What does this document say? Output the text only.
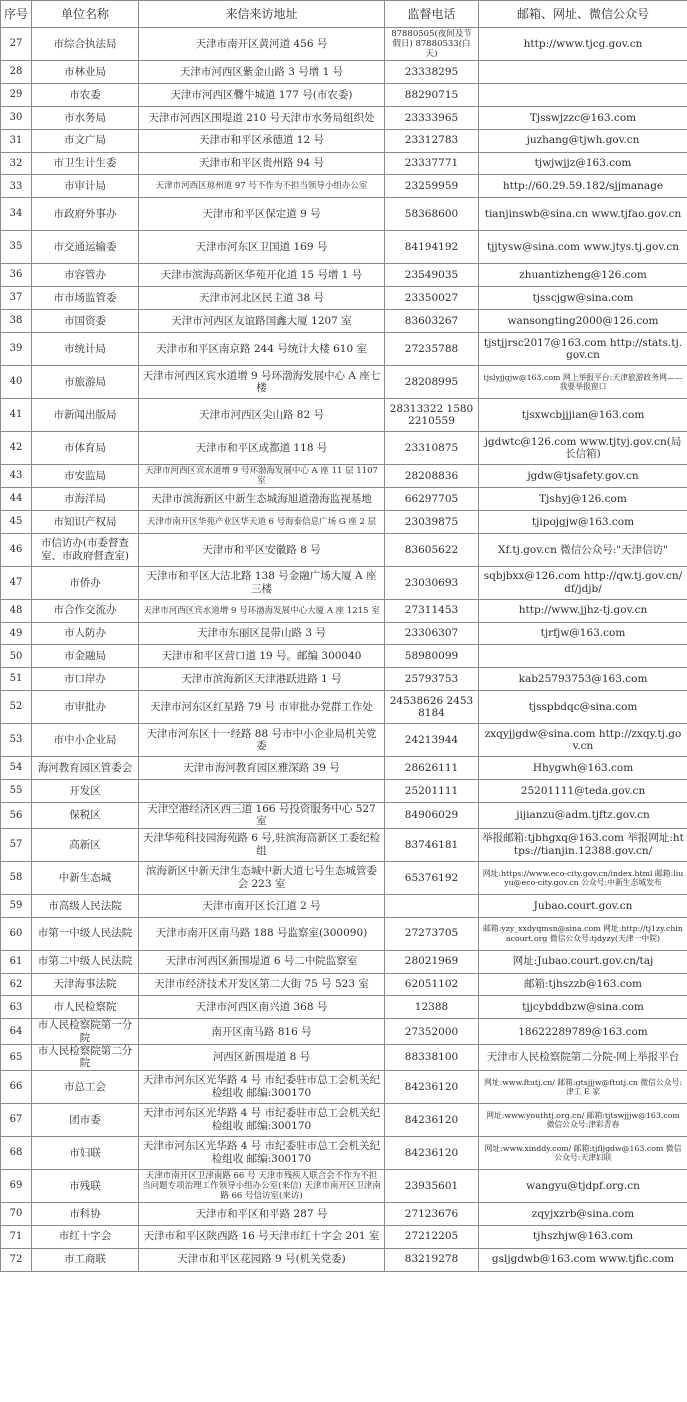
序号	单位名称	来信来访地址	监督电话	邮箱、网址、微信公众号
27	市综合执法局	天津市南开区黄河道 456 号	87880505(夜间及节假日) 87880533(白天)	http://www.tjcg.gov.cn
28	市林业局	天津市河西区紫金山路 3 号增 1 号	23338295	
29	市农委	天津市河西区爨牛城道 177 号(市农委)	88290715	
30	市水务局	天津市河西区围堤道 210 号天津市水务局组织处	23333965	Tjsswjzzc@163.com
31	市文广局	天津市和平区承德道 12 号	23312783	juzhang@tjwh.gov.cn
32	市卫生计生委	天津市和平区贵州路 94 号	23337771	tjwjwjjz@163.com
33	市审计局	天津市河西区琼州道 97 号不作为不担当领导小组办公室	23259959	http://60.29.59.182/sjjmanage
34	市政府外事办	天津市和平区保定道 9 号	58368600	tianjinswb@sina.cn www.tjfao.gov.cn
35	市交通运输委	天津市河东区卫国道 169 号	84194192	tjjtysw@sina.com www.jtys.tj.gov.cn
36	市容管办	天津市滨海高新区华苑开化道 15 号增 1 号	23549035	zhuantizheng@126.com
37	市市场监管委	天津市河北区民主道 38 号	23350027	tjsscjgw@sina.com
38	市国资委	天津市河西区友谊路国鑫大厦 1207 室	83603267	wansongting2000@126.com
39	市统计局	天津市和平区南京路 244 号统计大楼 610 室	27235788	tjstjjrsc2017@163.com http://stats.tj.gov.cn
40	市旅游局	天津市河西区宾水道增 9 号环渤海发展中心 A 座七楼	28208995	tjslyjjgjw@163.com 网上举报平台:天津旅游政务网——我要举报窗口
41	市新闻出版局	天津市河西区尖山路 82 号	28313322 15802210559	tjsxwcbjjjian@163.com
42	市体育局	天津市和平区成都道 118 号	23310875	jgdwtc@126.com www.tjtyj.gov.cn(局长信箱)
43	市安监局	天津市河西区宾水道增 9 号环渤海发展中心 A 座 11 层 1107 室	28208836	jgdw@tjsafety.gov.cn
44	市海洋局	天津市滨海新区中新生态城海旭道渤海监视基地	66297705	Tjshyj@126.com
45	市知识产权局	天津市南开区华苑产业区华天道 6 号海泰信息广场 G 座 2 层	23039875	tjipojgjw@163.com
46	市信访办(市委督查室、市政府督查室)	天津市和平区安徽路 8 号	83605622	Xf.tj.gov.cn 微信公众号:"天津信访"
47	市侨办	天津市和平区大沽北路 138 号金融广场大厦 A 座三楼	23030693	sqbjbxx@126.com http://qw.tj.gov.cn/df/jdjb/
48	市合作交流办	天津市河西区宾水道增 9 号环渤海发展中心大厦 A 座 1215 室	27311453	http://www.jjhz-tj.gov.cn
49	市人防办	天津市东丽区昆带山路 3 号	23306307	tjrfjw@163.com
50	市金融局	天津市和平区营口道 19 号。邮编 300040	58980099	
51	市口岸办	天津市滨海新区天津港跃进路 1 号	25793753	kab25793753@163.com
52	市审批办	天津市河东区红星路 79 号 市审批办党群工作处	24538626 24538184	tjsspbdqc@sina.com
53	市中小企业局	天津市河东区十一经路 88 号市中小企业局机关党委	24213944	zxqyjjgdw@sina.com http://zxqy.tj.gov.cn
54	海河教育园区管委会	天津市海河教育园区雅深路 39 号	28626111	Hhygwh@163.com
55	开发区		25201111	25201111@teda.gov.cn
56	保税区	天津空港经济区西三道 166 号投资服务中心 527 室	84906029	jijianzu@adm.tjftz.gov.cn
57	高新区	天津华苑科技园海苑路 6 号,驻滨海高新区工委纪检组	83746181	举报邮箱:tjbhgxq@163.com 举报网址:https://tianjin.12388.gov.cn/
58	中新生态城	滨海新区中新天津生态城中新大道七号生态城管委会 223 室	65376192	网址:https://www.eco-city.gov.cn/index.html 邮箱:liuyu@eco-city.gov.cn 公众号:中新生态城发布
59	市高级人民法院	天津市南开区长江道 2 号		Jubao.court.gov.cn
60	市第一中级人民法院	天津市南开区南马路 188 号监察室(300090)	27273705	邮箱:yzy_xxdyqmsn@sina.com 网址:http://tj1zy.chinacourt.org 微信公众号:tjdyzy(天津一中院)
61	市第二中级人民法院	天津市河西区新围堤道 6 号二中院监察室	28021969	网址:Jubao.court.gov.cn/taj
62	天津海事法院	天津市经济技术开发区第二大街 75 号 523 室	62051102	邮箱:tjhszzb@163.com
63	市人民检察院	天津市河西区南兴道 368 号	12388	tjjcybddbzw@sina.com
64	市人民检察院第一分院	南开区南马路 816 号	27352000	18622289789@163.com
65	市人民检察院第二分院	河西区新围堤道 8 号	88338100	天津市人民检察院第二分院-网上举报平台
66	市总工会	天津市河东区光华路 4 号 市纪委驻市总工会机关纪检组收 邮编:300170	84236120	网址:www.ftutj.cn/ 邮箱:gtsjjjw@ftutj.cn 微信公众号:津工 E 家
67	团市委	天津市河东区光华路 4 号 市纪委驻市总工会机关纪检组收 邮编:300170	84236120	网址:www.youthtj.org.cn/ 邮箱:tjtswjjjw@163.com 微信公众号:津彩青春
68	市妇联	天津市河东区光华路 4 号 市纪委驻市总工会机关纪检组收 邮编:300170	84236120	网址:www.xinddy.com/ 邮箱:tjfljgdw@163.com 微信公众号:天津妇联
69	市残联	天津市南开区卫津南路 66 号 天津市残疾人联合会不作为不担当问题专项治理工作领导小组办公室(来信) 天津市南开区卫津南路 66 号信访室(来访)	23935601	wangyu@tjdpf.org.cn
70	市科协	天津市和平区和平路 287 号	27123676	zqyjxzrb@sina.com
71	市红十字会	天津市和平区陕西路 16 号天津市红十字会 201 室	27212205	tjhszhjw@163.com
72	市工商联	天津市和平区花园路 9 号(机关党委)	83219278	gsljgdwb@163.com www.tjfic.com
